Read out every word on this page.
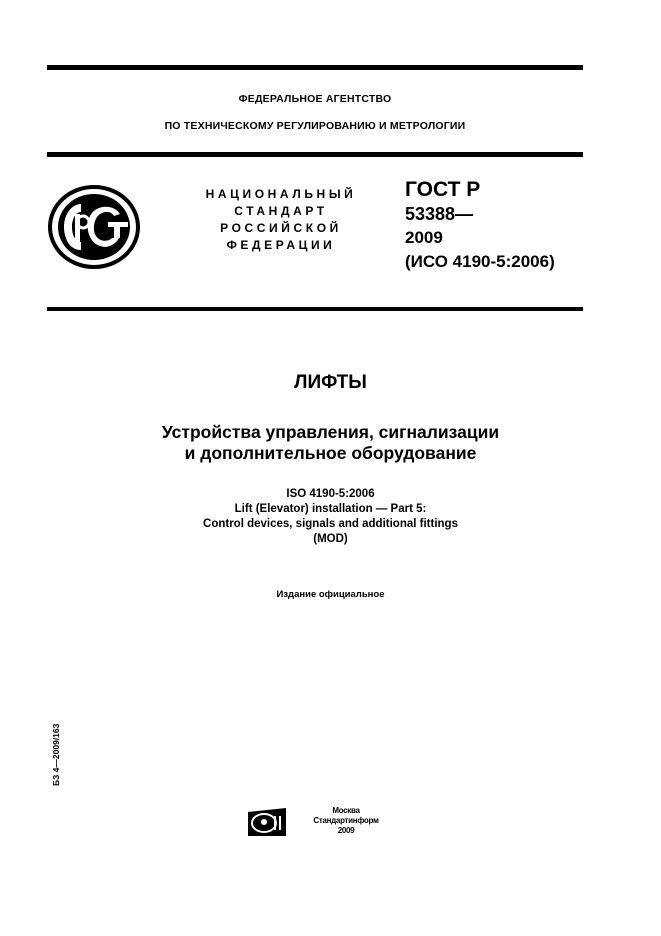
ФЕДЕРАЛЬНОЕ АГЕНТСТВО
ПО ТЕХНИЧЕСКОМУ РЕГУЛИРОВАНИЮ И МЕТРОЛОГИИ
НАЦИОНАЛЬНЫЙ
СТАНДАРТ
РОССИЙСКОЙ
ФЕДЕРАЦИИ
ГОСТ Р
53388—
2009
(ИСО 4190-5:2006)
ЛИФТЫ
Устройства управления, сигнализации
и дополнительное оборудование
ISO 4190-5:2006
Lift (Elevator) installation — Part 5:
Control devices, signals and additional fittings
(MOD)
Издание официальное
БЗ 4—2009/163
Москва
Стандартинформ
2009
